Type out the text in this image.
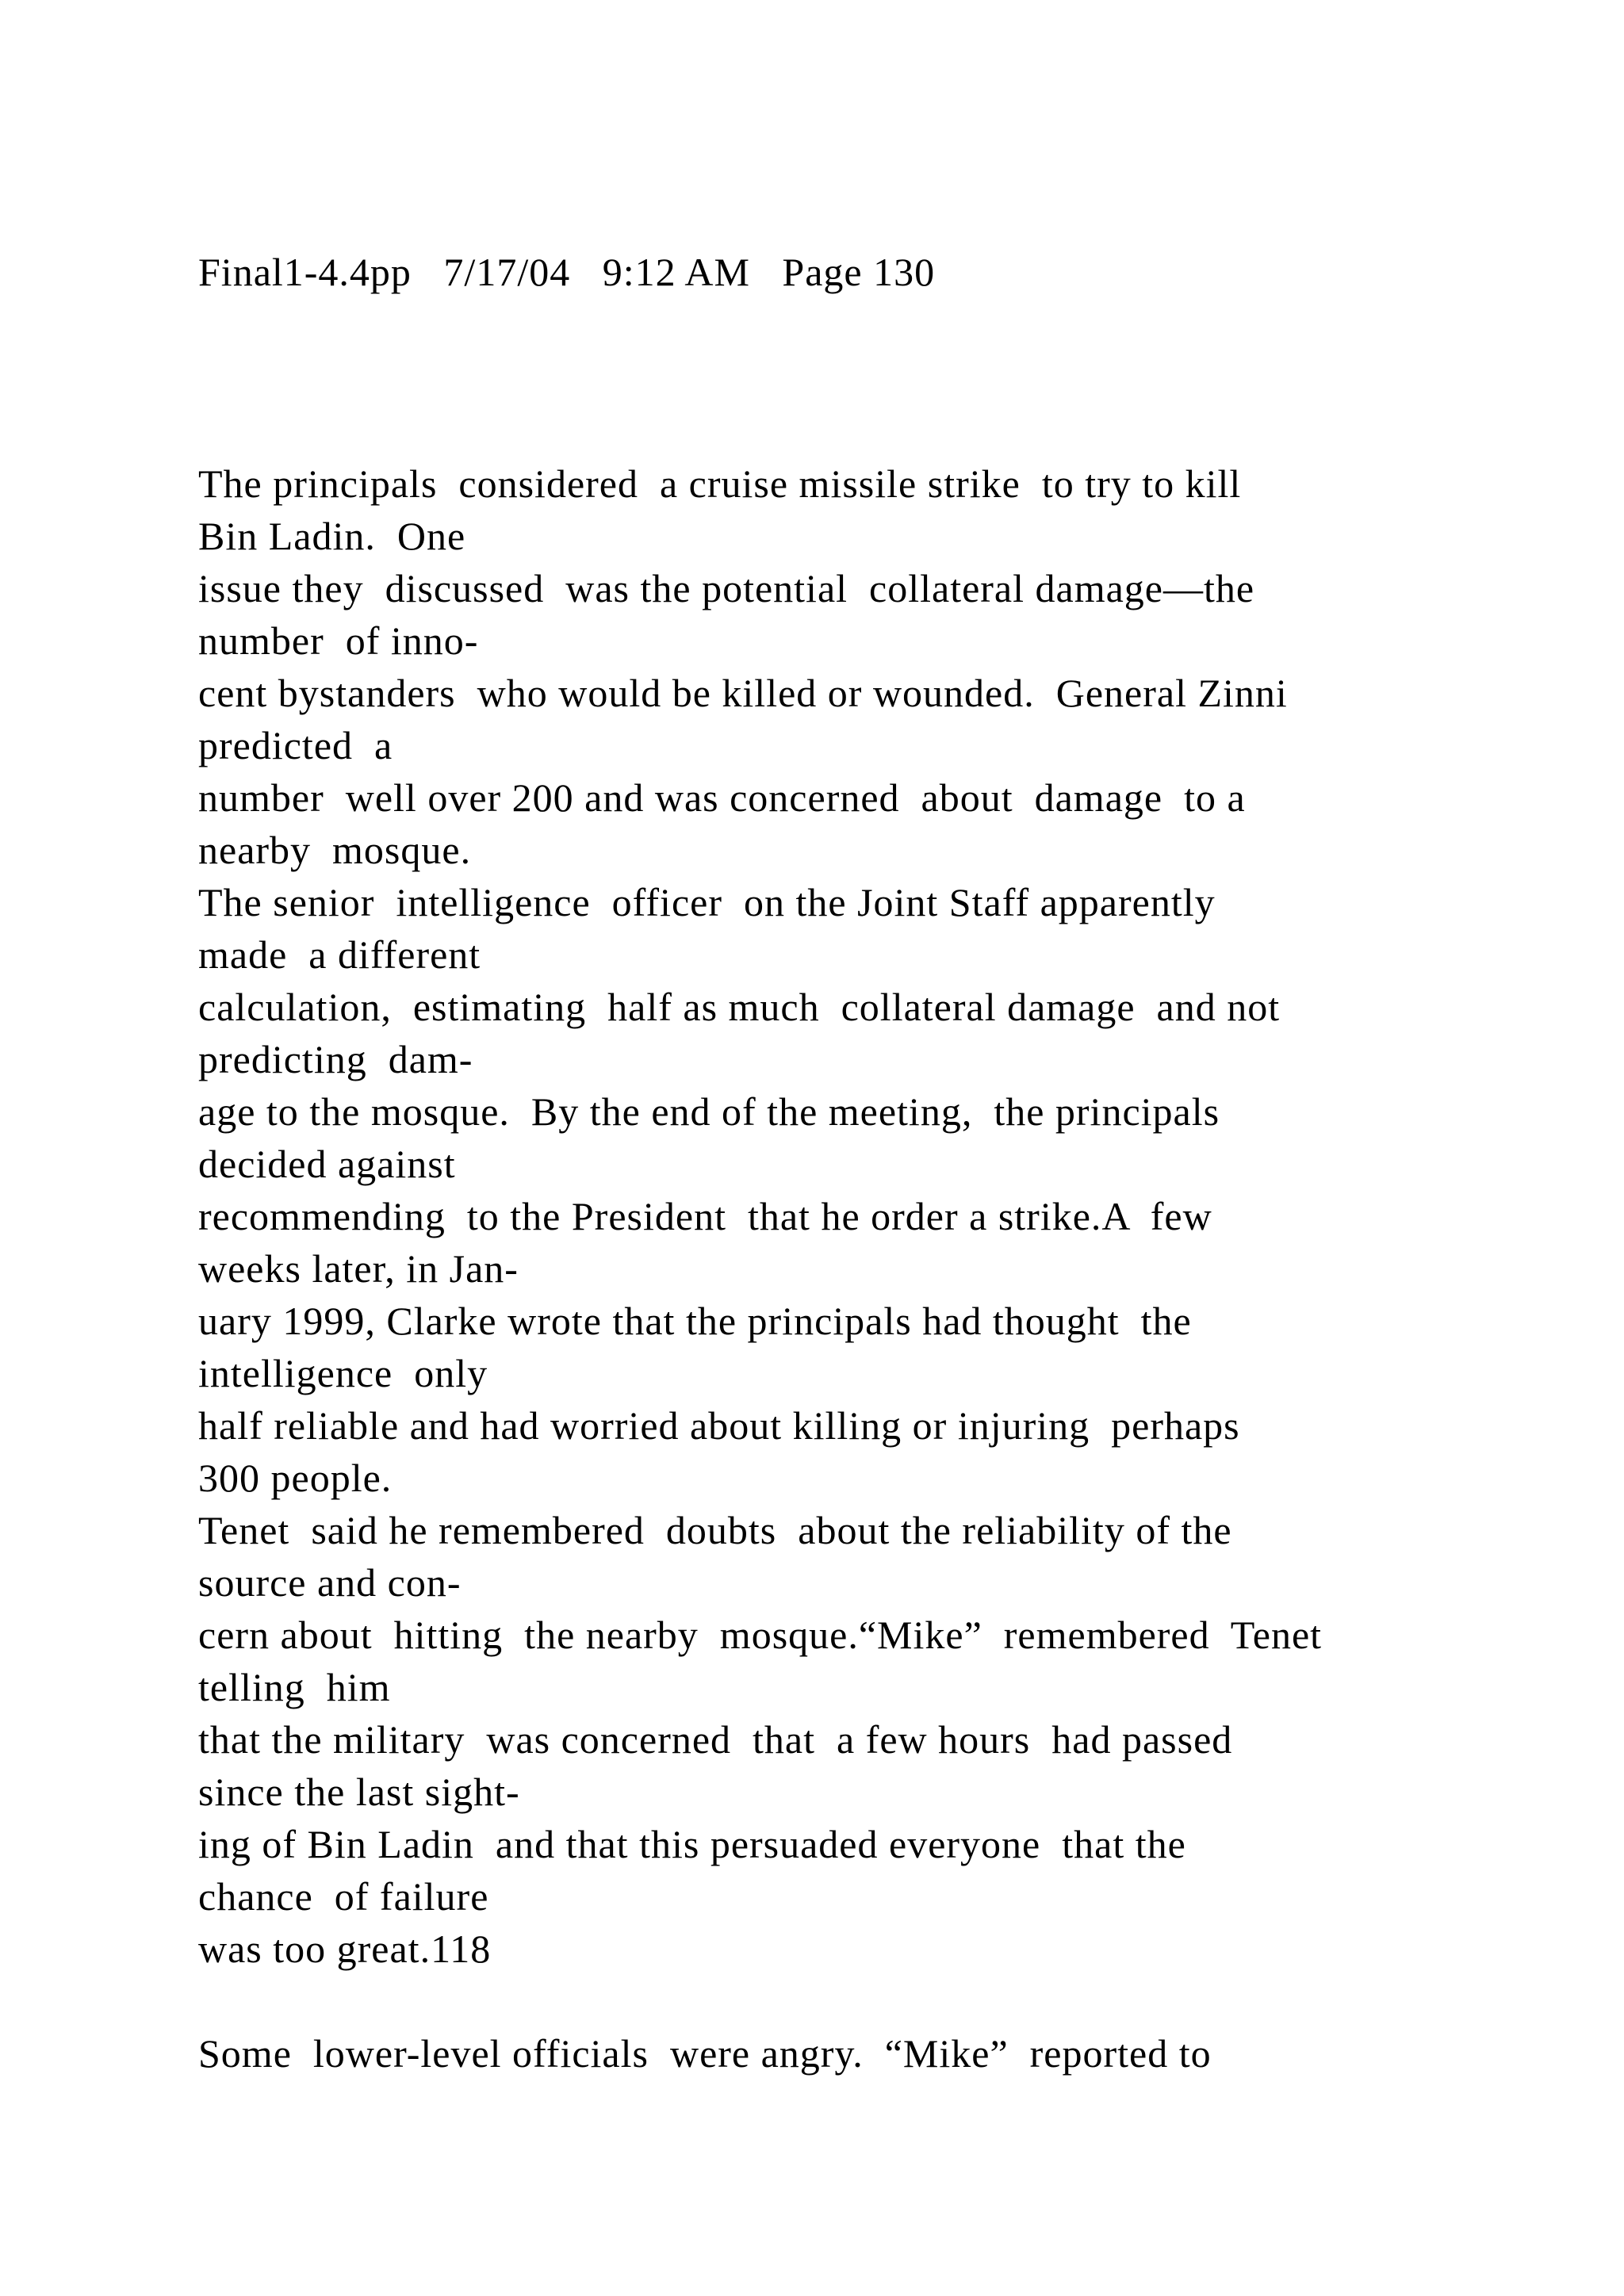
Final1-4.4pp   7/17/04   9:12 AM   Page 130
The principals  considered  a cruise missile strike  to try to kill
Bin Ladin.  One
issue they  discussed  was the potential  collateral damage—the
number  of inno-
cent bystanders  who would be killed or wounded.  General Zinni
predicted  a
number  well over 200 and was concerned  about  damage  to a
nearby  mosque.
The senior  intelligence  officer  on the Joint Staff apparently
made  a different
calculation,  estimating  half as much  collateral damage  and not
predicting  dam-
age to the mosque.  By the end of the meeting,  the principals
decided against
recommending  to the President  that he order a strike.A  few
weeks later, in Jan-
uary 1999, Clarke wrote that the principals had thought  the
intelligence  only
half reliable and had worried about killing or injuring  perhaps
300 people.
Tenet  said he remembered  doubts  about the reliability of the
source and con-
cern about  hitting  the nearby  mosque.“Mike”  remembered  Tenet
telling  him
that the military  was concerned  that  a few hours  had passed
since the last sight-
ing of Bin Ladin  and that this persuaded everyone  that the
chance  of failure
was too great.118
Some  lower-level officials  were angry.  “Mike”  reported to
